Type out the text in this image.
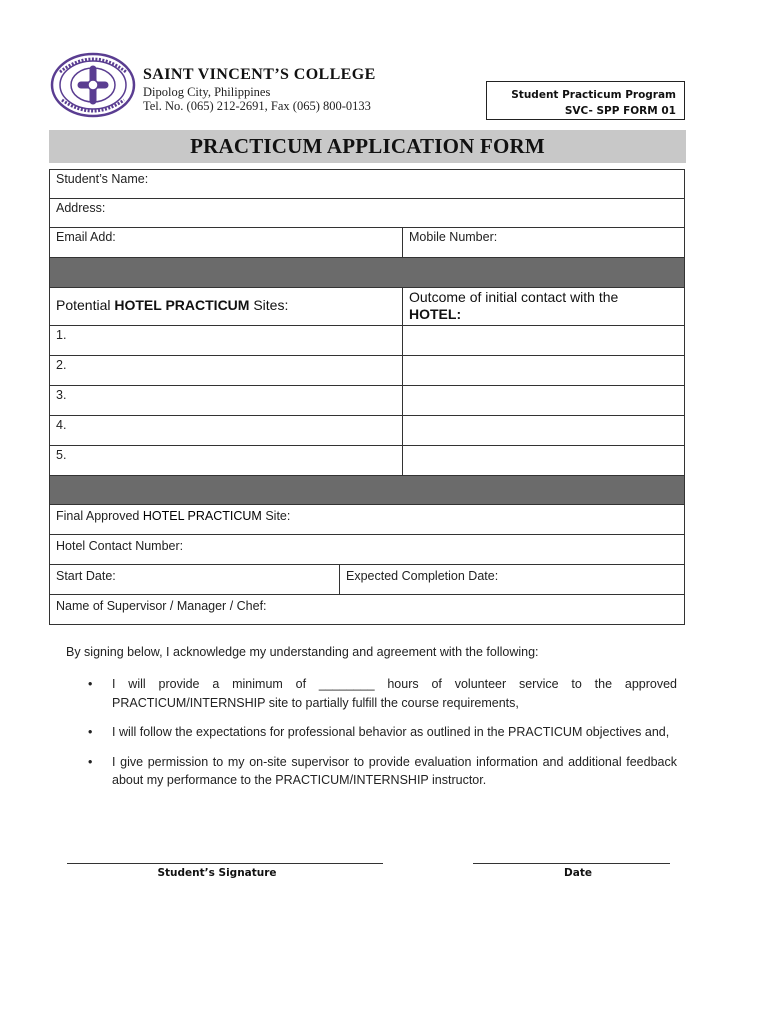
SAINT VINCENT’S COLLEGE
Dipolog City, Philippines
Tel. No. (065) 212-2691, Fax (065) 800-0133
Student Practicum Program
SVC- SPP FORM 01
PRACTICUM APPLICATION FORM
Student’s Name:
Address:
Email Add:	Mobile Number:
Potential HOTEL PRACTICUM Sites:	Outcome of initial contact with the
HOTEL:
1.
2.
3.
4.
5.
Final Approved HOTEL PRACTICUM Site:
Hotel Contact Number:
Start Date:	Expected Completion Date:
Name of Supervisor / Manager / Chef:
By signing below, I acknowledge my understanding and agreement with the following:
• I will provide a minimum of ________ hours of volunteer service to the approved PRACTICUM/INTERNSHIP site to partially fulfill the course requirements,
• I will follow the expectations for professional behavior as outlined in the PRACTICUM objectives and,
• I give permission to my on-site supervisor to provide evaluation information and additional feedback about my performance to the PRACTICUM/INTERNSHIP instructor.
Student’s Signature	Date
